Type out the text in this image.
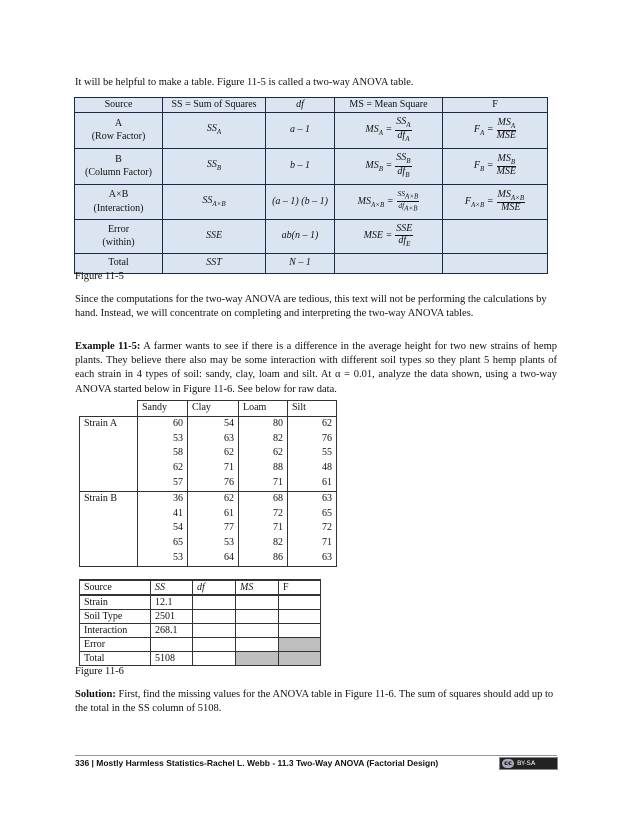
It will be helpful to make a table. Figure 11-5 is called a two-way ANOVA table.

Source	SS = Sum of Squares	df	MS = Mean Square	F
A
(Row Factor)	$SS_A$	a – 1	$MS_A = \frac{SS_A}{df_A}$	$F_A = \frac{MS_A}{\text{MSE}}$

B
(Column Factor)	$SS_B$	b – 1	$MS_B = \frac{SS_B}{df_B}$	$F_B = \frac{MS_B}{\text{MSE}}$

A×B
(Interaction)	$SS_{A\times B}$	(a – 1) (b – 1)	$MS_{A\times B} = \frac{SS_{A\times B}}{df_{A\times B}}$	$F_{A\times B} = \frac{MS_{A\times B}}{\text{MSE}}$

Error
(within)	SSE	ab(n – 1)	MSE = $\frac{\text{SSE}}{df_E}$

Total	SST	N – 1		

Figure 11-5

Since the computations for the two-way ANOVA are tedious, this text will not be performing the calculations by hand. Instead, we will concentrate on completing and interpreting the two-way ANOVA tables.

Example 11-5: A farmer wants to see if there is a difference in the average height for two new strains of hemp plants. They believe there also may be some interaction with different soil types so they plant 5 hemp plants of each strain in 4 types of soil: sandy, clay, loam and silt. At α = 0.01, analyze the data shown, using a two-way ANOVA started below in Figure 11-6. See below for raw data.

	Sandy	Clay	Loam	Silt
Strain A	60	54	80	62
	53	63	82	76
	58	62	62	55
	62	71	88	48
	57	76	71	61
Strain B	36	62	68	63
	41	61	72	65
	54	77	71	72
	65	53	82	71
	53	64	86	63
Source	SS	df	MS	F
Strain	12.1			
Soil Type	2501			
Interaction	268.1			
Error				
Total	5108			

Figure 11-6

Solution: First, find the missing values for the ANOVA table in Figure 11-6. The sum of squares should add up to the total in the SS column of 5108.

336 | Mostly Harmless Statistics-Rachel L. Webb - 11.3 Two-Way ANOVA (Factorial Design)	cc BY-SA
